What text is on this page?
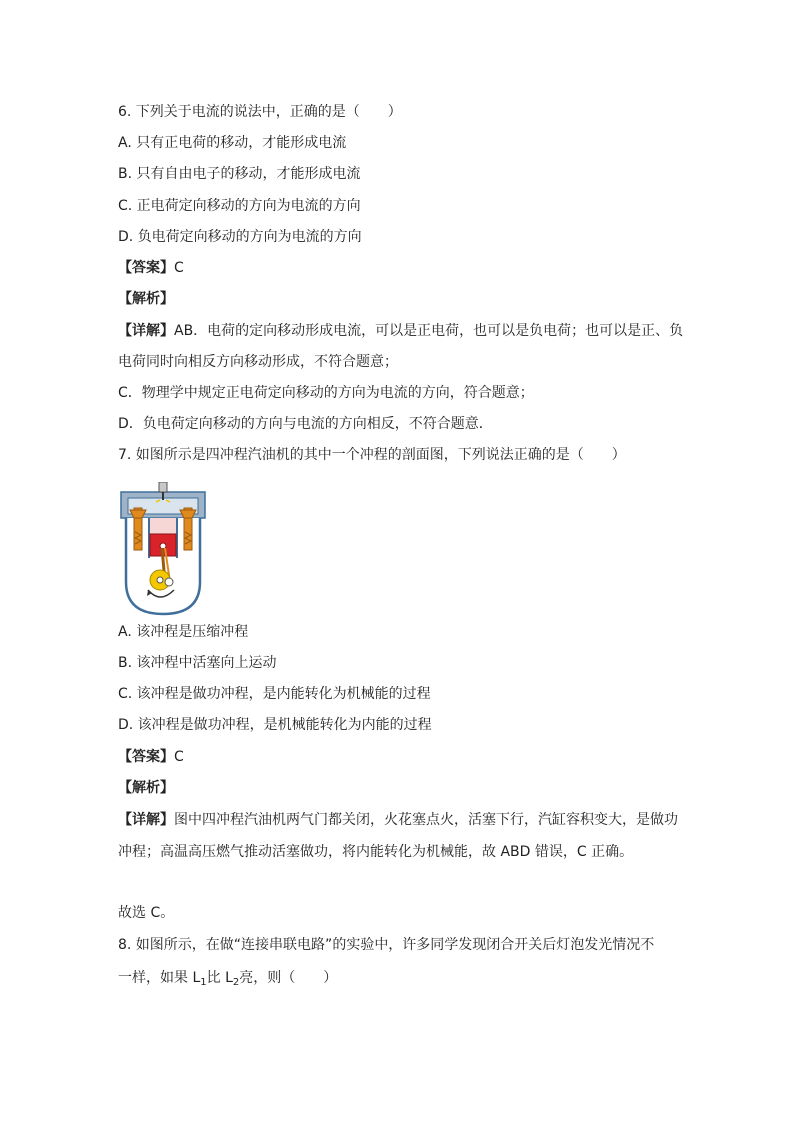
6. 下列关于电流的说法中，正确的是（　　）
A. 只有正电荷的移动，才能形成电流
B. 只有自由电子的移动，才能形成电流
C. 正电荷定向移动的方向为电流的方向
D. 负电荷定向移动的方向为电流的方向
【答案】C
【解析】
【详解】AB．电荷的定向移动形成电流，可以是正电荷，也可以是负电荷；也可以是正、负
电荷同时向相反方向移动形成，不符合题意；
C．物理学中规定正电荷定向移动的方向为电流的方向，符合题意；
D．负电荷定向移动的方向与电流的方向相反，不符合题意．
7. 如图所示是四冲程汽油机的其中一个冲程的剖面图，下列说法正确的是（　　）
A. 该冲程是压缩冲程
B. 该冲程中活塞向上运动
C. 该冲程是做功冲程，是内能转化为机械能的过程
D. 该冲程是做功冲程，是机械能转化为内能的过程
【答案】C
【解析】
【详解】图中四冲程汽油机两气门都关闭，火花塞点火，活塞下行，汽缸容积变大，是做功
冲程；高温高压燃气推动活塞做功，将内能转化为机械能，故 ABD 错误，C 正确。
故选 C。
8. 如图所示，在做“连接串联电路”的实验中，许多同学发现闭合开关后灯泡发光情况不
一样，如果 $L_1$比 $L_2$亮，则（　　）
